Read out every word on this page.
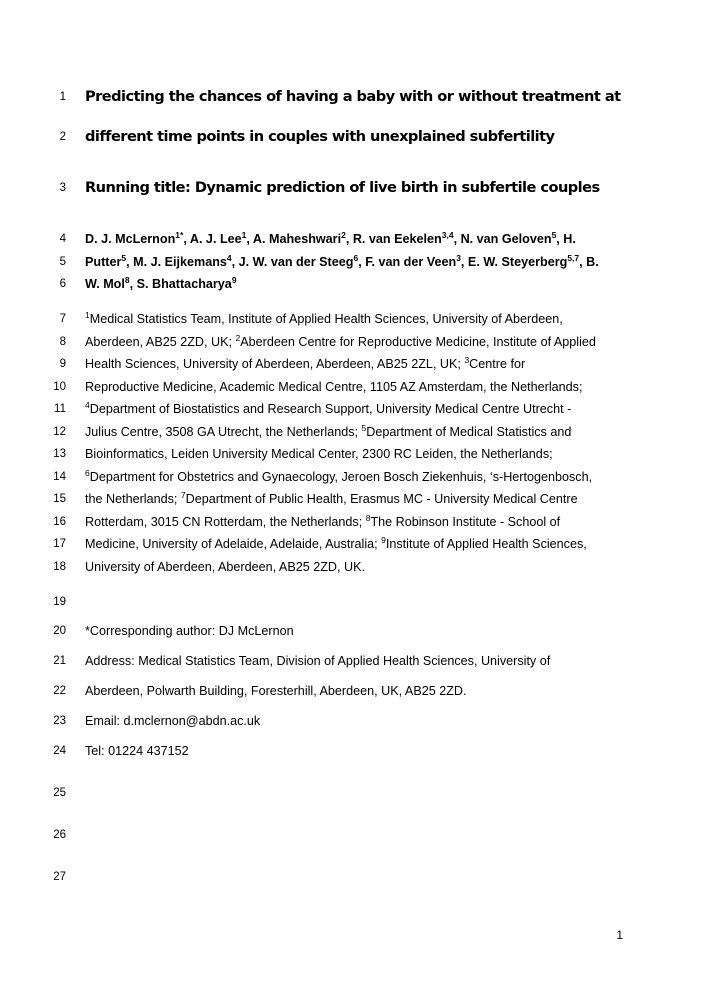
1 Predicting the chances of having a baby with or without treatment at
2 different time points in couples with unexplained subfertility
3 Running title: Dynamic prediction of live birth in subfertile couples
4 D. J. McLernon$^{1*}$, A. J. Lee$^1$, A. Maheshwari$^2$, R. van Eekelen$^{3,4}$, N. van Geloven$^5$, H.
5 Putter$^5$, M. J. Eijkemans$^4$, J. W. van der Steeg$^6$, F. van der Veen$^3$, E. W. Steyerberg$^{5,7}$, B.
6 W. Mol$^8$, S. Bhattacharya$^9$
7 $^1$Medical Statistics Team, Institute of Applied Health Sciences, University of Aberdeen,
8 Aberdeen, AB25 2ZD, UK; $^2$Aberdeen Centre for Reproductive Medicine, Institute of Applied
9 Health Sciences, University of Aberdeen, Aberdeen, AB25 2ZL, UK; $^3$Centre for
10 Reproductive Medicine, Academic Medical Centre, 1105 AZ Amsterdam, the Netherlands;
11 $^4$Department of Biostatistics and Research Support, University Medical Centre Utrecht -
12 Julius Centre, 3508 GA Utrecht, the Netherlands; $^5$Department of Medical Statistics and
13 Bioinformatics, Leiden University Medical Center, 2300 RC Leiden, the Netherlands;
14 $^6$Department for Obstetrics and Gynaecology, Jeroen Bosch Ziekenhuis, ‘s-Hertogenbosch,
15 the Netherlands; $^7$Department of Public Health, Erasmus MC - University Medical Centre
16 Rotterdam, 3015 CN Rotterdam, the Netherlands; $^8$The Robinson Institute - School of
17 Medicine, University of Adelaide, Adelaide, Australia; $^9$Institute of Applied Health Sciences,
18 University of Aberdeen, Aberdeen, AB25 2ZD, UK.
19
20 *Corresponding author: DJ McLernon
21 Address: Medical Statistics Team, Division of Applied Health Sciences, University of
22 Aberdeen, Polwarth Building, Foresterhill, Aberdeen, UK, AB25 2ZD.
23 Email: d.mclernon@abdn.ac.uk
24 Tel: 01224 437152
25
26
27
1
